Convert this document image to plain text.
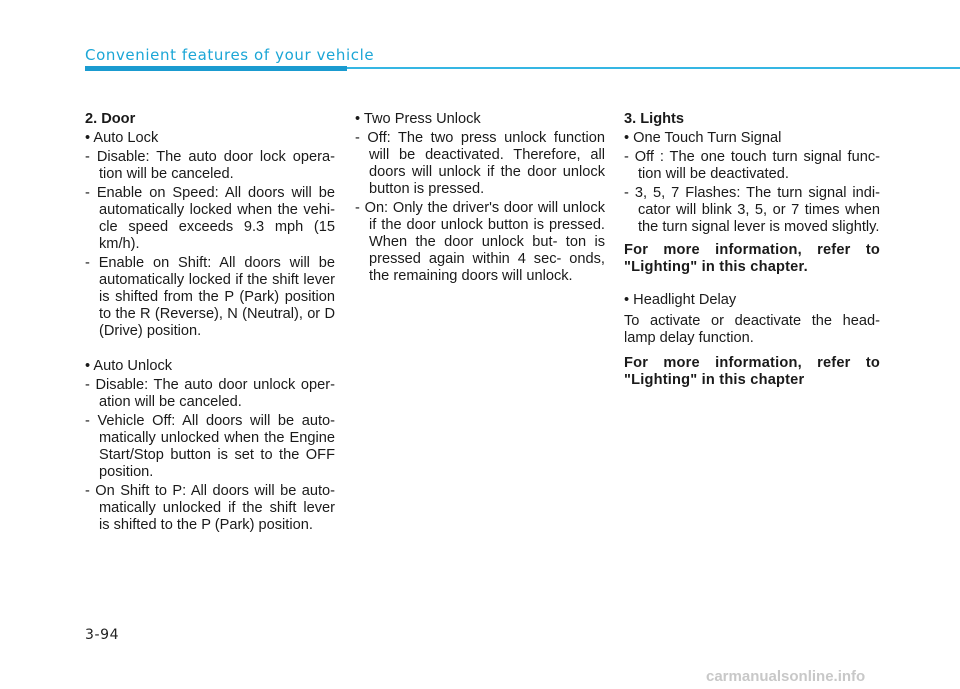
Convenient features of your vehicle
2. Door
• Auto Lock
- Disable: The auto door lock opera- tion will be canceled.
- Enable on Speed: All doors will be automatically locked when the vehi- cle speed exceeds 9.3 mph (15 km/h).
- Enable on Shift: All doors will be automatically locked if the shift lever is shifted from the P (Park) position to the R (Reverse), N (Neutral), or D (Drive) position.
• Auto Unlock
- Disable: The auto door unlock oper- ation will be canceled.
- Vehicle Off: All doors will be auto- matically unlocked when the Engine Start/Stop button is set to the OFF position.
- On Shift to P: All doors will be auto- matically unlocked if the shift lever is shifted to the P (Park) position.
• Two Press Unlock
- Off: The two press unlock function will be deactivated. Therefore, all doors will unlock if the door unlock button is pressed.
- On: Only the driver's door will unlock if the door unlock button is pressed. When the door unlock but- ton is pressed again within 4 sec- onds, the remaining doors will unlock.
3. Lights
• One Touch Turn Signal
- Off : The one touch turn signal func- tion will be deactivated.
- 3, 5, 7 Flashes: The turn signal indi- cator will blink 3, 5, or 7 times when the turn signal lever is moved slightly.
For more information, refer to "Lighting" in this chapter.
• Headlight Delay
To activate or deactivate the head- lamp delay function.
For more information, refer to "Lighting" in this chapter
3-94
carmanualsonline.info
